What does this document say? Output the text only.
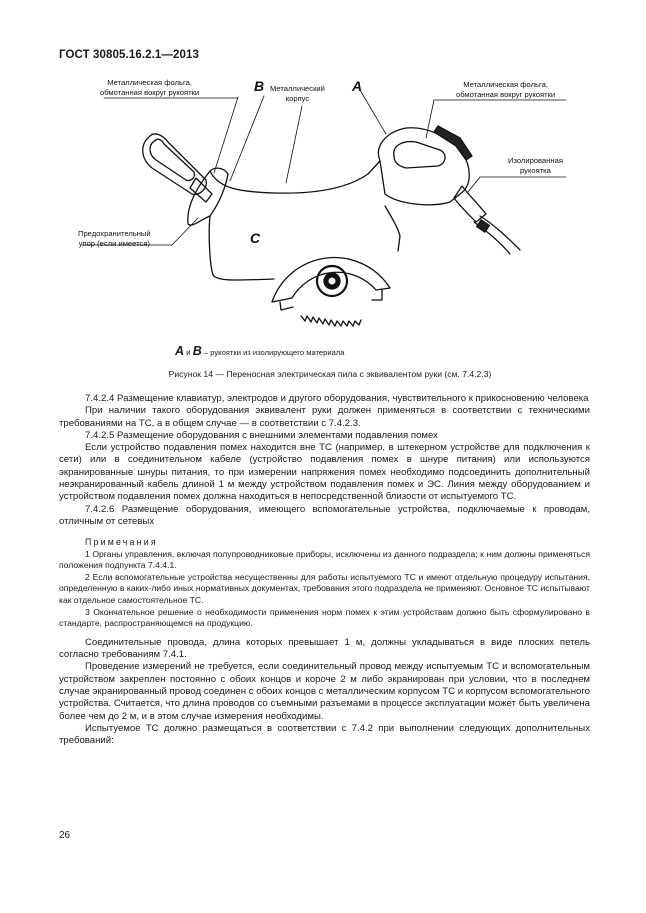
ГОСТ 30805.16.2.1—2013
Металлическая фольга,
обмотанная вокруг рукоятки	B Металлический
корпус
A	Металлическая фольга,
обмотанная вокруг рукоятки
Изолированная
рукоятка
Предохранительный
упор (если имеется)	C
A и B – рукоятки из изолирующего материала
Рисунок 14 — Переносная электрическая пила с эквивалентом руки (см. 7.4.2.3)

7.4.2.4 Размещение клавиатур, электродов и другого оборудования, чувствительного к прикосновению человека

При наличии такого оборудования эквивалент руки должен применяться в соответствии с техническими требованиями на ТС, а в общем случае — в соответствии с 7.4.2.3.

7.4.2.5 Размещение оборудования с внешними элементами подавления помех

Если устройство подавления помех находится вне ТС (например, в штекерном устройстве для подключения к сети) или в соединительном кабеле (устройство подавления помех в шнуре питания) или используются экранированные шнуры питания, то при измерении напряжения помех необходимо подсоединить дополнительный неэкранированный кабель длиной 1 м между устройством подавления помех и ЭС. Линия между оборудованием и устройством подавления помех должна находиться в непосредственной близости от испытуемого ТС.

7.4.2.6 Размещение оборудования, имеющего вспомогательные устройства, подключаемые к проводам, отличным от сетевых

Примечания

1 Органы управления, включая полупроводниковые приборы, исключены из данного подраздела; к ним должны применяться положения подпункта 7.4.4.1.

2 Если вспомогательные устройства несущественны для работы испытуемого ТС и имеют отдельную процедуру испытания, определенную в каких-либо иных нормативных документах, требования этого подраздела не применяют. Основное ТС испытывают как отдельное самостоятельное ТС.

3 Окончательное решение о необходимости применения норм помех к этим устройствам должно быть сформулировано в стандарте, распространяющемся на продукцию.

Соединительные провода, длина которых превышает 1 м, должны укладываться в виде плоских петель согласно требованиям 7.4.1.

Проведение измерений не требуется, если соединительный провод между испытуемым ТС и вспомогательным устройством закреплен постоянно с обоих концов и короче 2 м либо экранирован при условии, что в последнем случае экранированный провод соединен с обоих концов с металлическим корпусом ТС и корпусом вспомогательного устройства. Считается, что длина проводов со съемными разъемами в процессе эксплуатации может быть увеличена более чем до 2 м, и в этом случае измерения необходимы.

Испытуемое ТС должно размещаться в соответствии с 7.4.2 при выполнении следующих дополнительных требований:

26
